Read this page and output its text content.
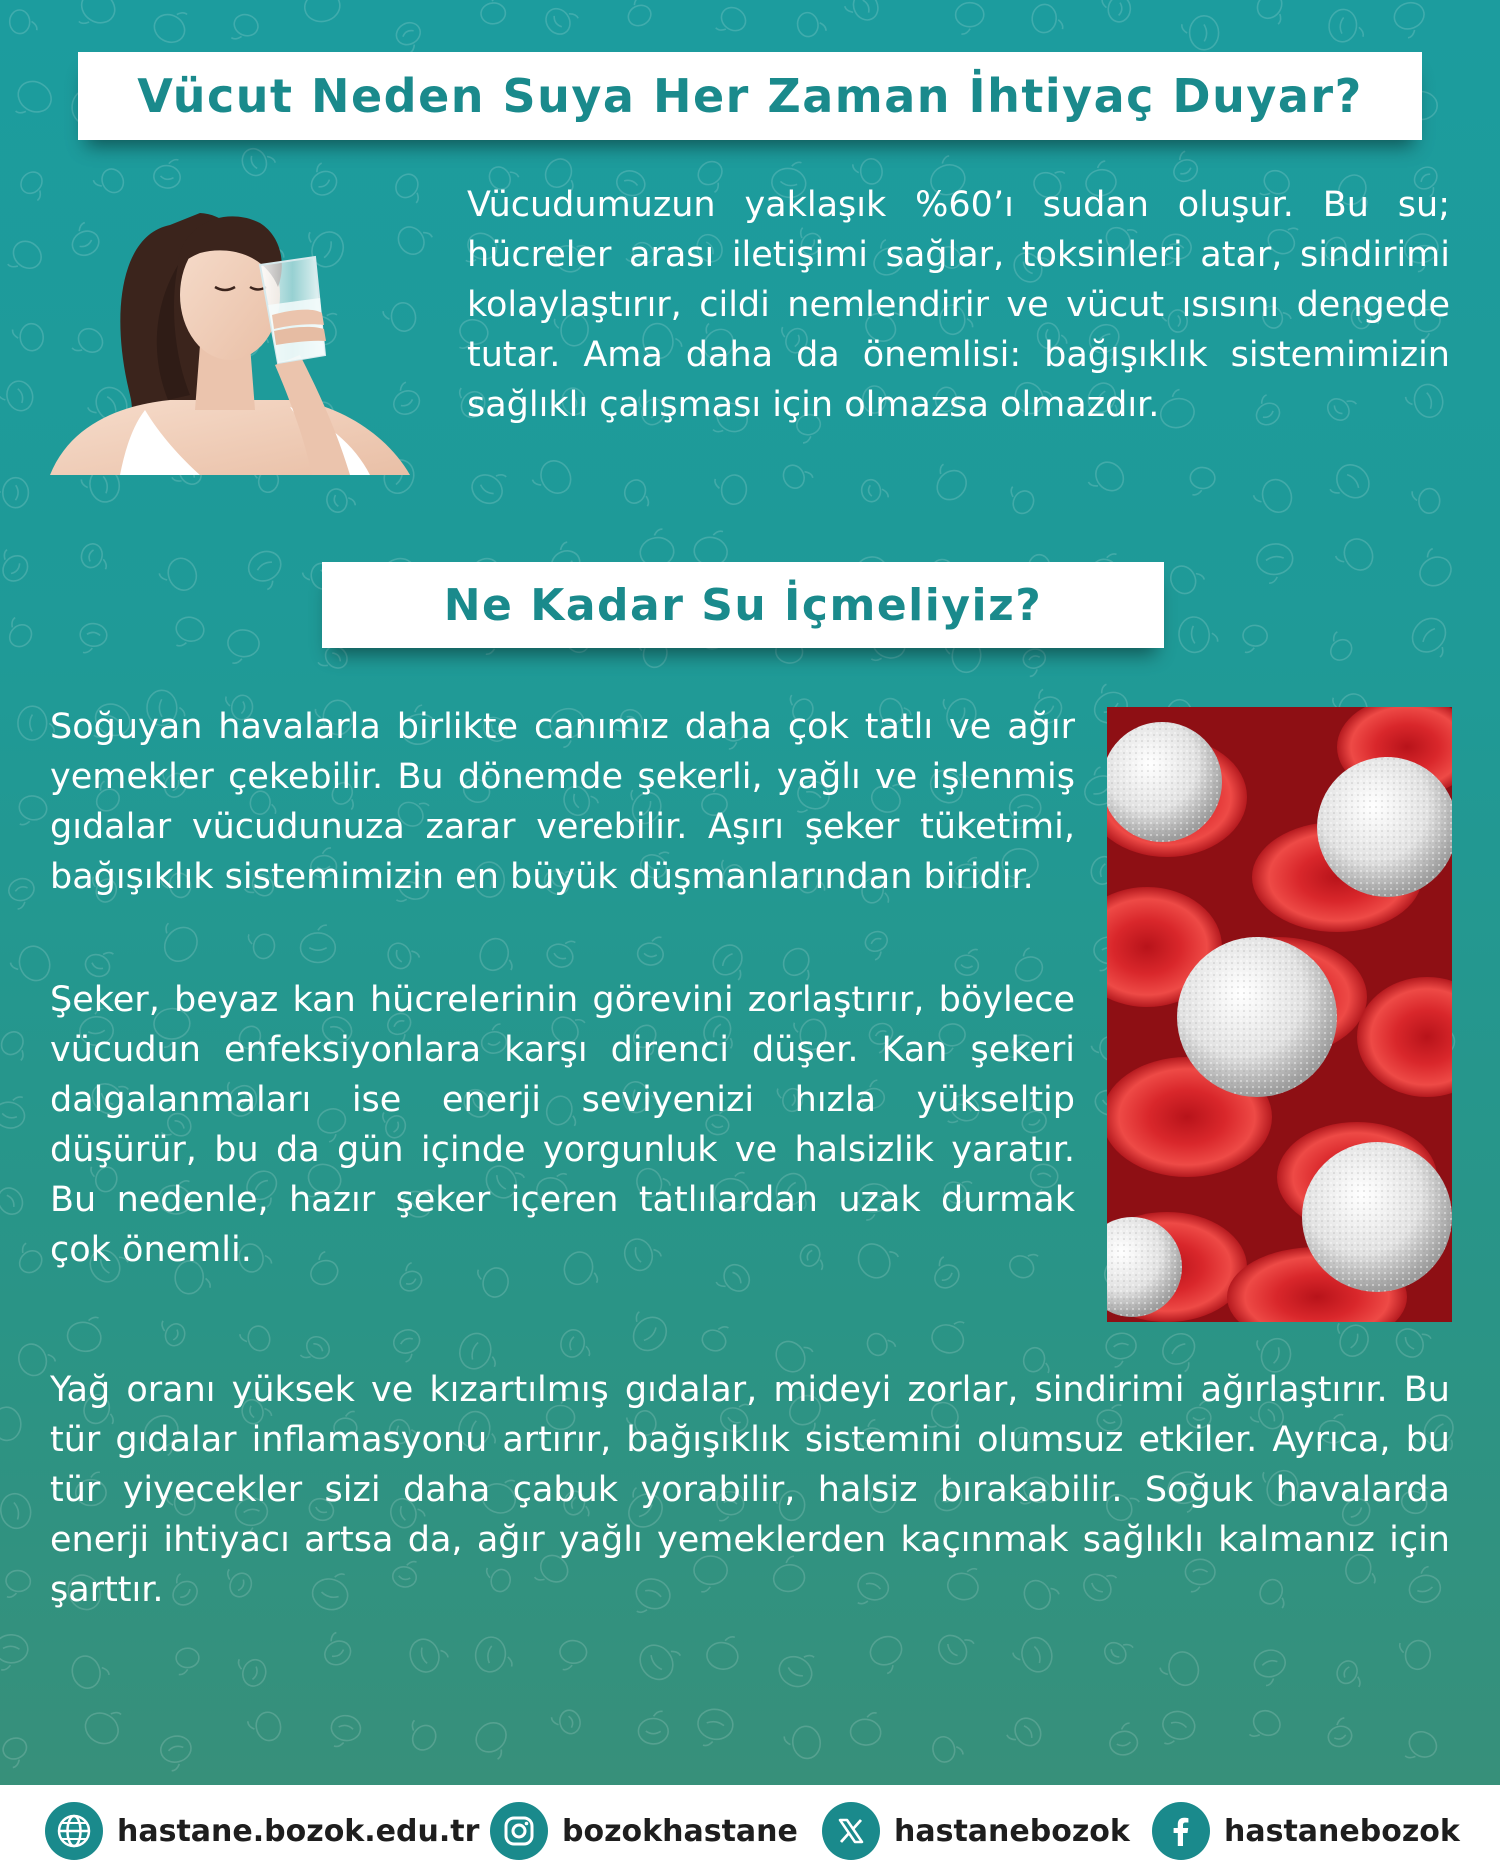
Vücut Neden Suya Her Zaman İhtiyaç Duyar?

Vücudumuzun yaklaşık %60’ı sudan oluşur. Bu su; hücreler arası iletişimi sağlar, toksinleri atar, sindirimi kolaylaştırır, cildi nemlendirir ve vücut ısısını dengede tutar. Ama daha da önemlisi: bağışıklık sistemimizin sağlıklı çalışması için olmazsa olmazdır.

Ne Kadar Su İçmeliyiz?

Soğuyan havalarla birlikte canımız daha çok tatlı ve ağır yemekler çekebilir. Bu dönemde şekerli, yağlı ve işlenmiş gıdalar vücudunuza zarar verebilir. Aşırı şeker tüketimi, bağışıklık sistemimizin en büyük düşmanlarından biridir.

Şeker, beyaz kan hücrelerinin görevini zorlaştırır, böylece vücudun enfeksiyonlara karşı direnci düşer. Kan şekeri dalgalanmaları ise enerji seviyenizi hızla yükseltip düşürür, bu da gün içinde yorgunluk ve halsizlik yaratır. Bu nedenle, hazır şeker içeren tatlılardan uzak durmak çok önemli.

Yağ oranı yüksek ve kızartılmış gıdalar, mideyi zorlar, sindirimi ağırlaştırır. Bu tür gıdalar inflamasyonu artırır, bağışıklık sistemini olumsuz etkiler. Ayrıca, bu tür yiyecekler sizi daha çabuk yorabilir, halsiz bırakabilir. Soğuk havalarda enerji ihtiyacı artsa da, ağır yağlı yemeklerden kaçınmak sağlıklı kalmanız için şarttır.

hastane.bozok.edu.tr	bozokhastane	hastanebozok	hastanebozok
